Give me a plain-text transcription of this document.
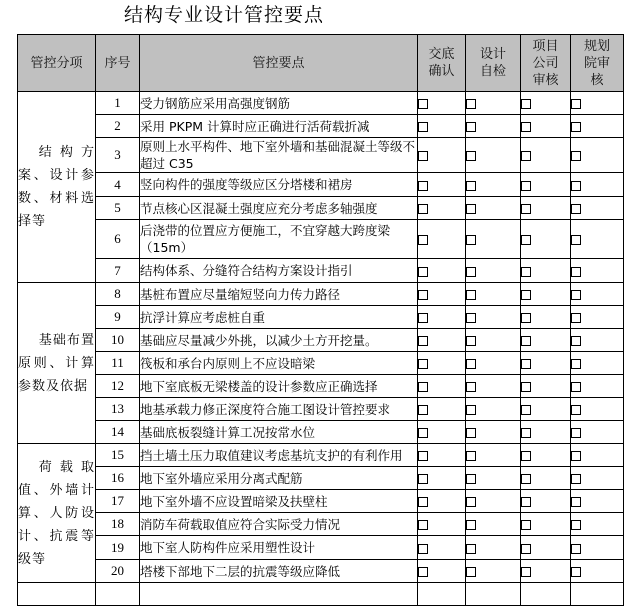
结构专业设计管控要点
管控分项	序号	管控要点	交底确认	设计自检	项目公司审核	规划院审核
结构方案、设计参数、材料选择等	1	受力钢筋应采用高强度钢筋				
	2	采用 PKPM 计算时应正确进行活荷载折减				
	3	原则上水平构件、地下室外墙和基础混凝土等级不超过 C35				
	4	竖向构件的强度等级应区分塔楼和裙房				
	5	节点核心区混凝土强度应充分考虑多轴强度				
	6	后浇带的位置应方便施工，不宜穿越大跨度梁（15m）				
	7	结构体系、分缝符合结构方案设计指引				
基础布置原则、计算参数及依据	8	基桩布置应尽量缩短竖向力传力路径				
	9	抗浮计算应考虑桩自重				
	10	基础应尽量减少外挑，以减少土方开挖量。				
	11	筏板和承台内原则上不应设暗梁				
	12	地下室底板无梁楼盖的设计参数应正确选择				
	13	地基承载力修正深度符合施工图设计管控要求				
	14	基础底板裂缝计算工况按常水位				
荷载取值、外墙计算、人防设计、抗震等级等	15	挡土墙土压力取值建议考虑基坑支护的有利作用				
	16	地下室外墙应采用分离式配筋				
	17	地下室外墙不应设置暗梁及扶壁柱				
	18	消防车荷载取值应符合实际受力情况				
	19	地下室人防构件应采用塑性设计				
	20	塔楼下部地下二层的抗震等级应降低				
